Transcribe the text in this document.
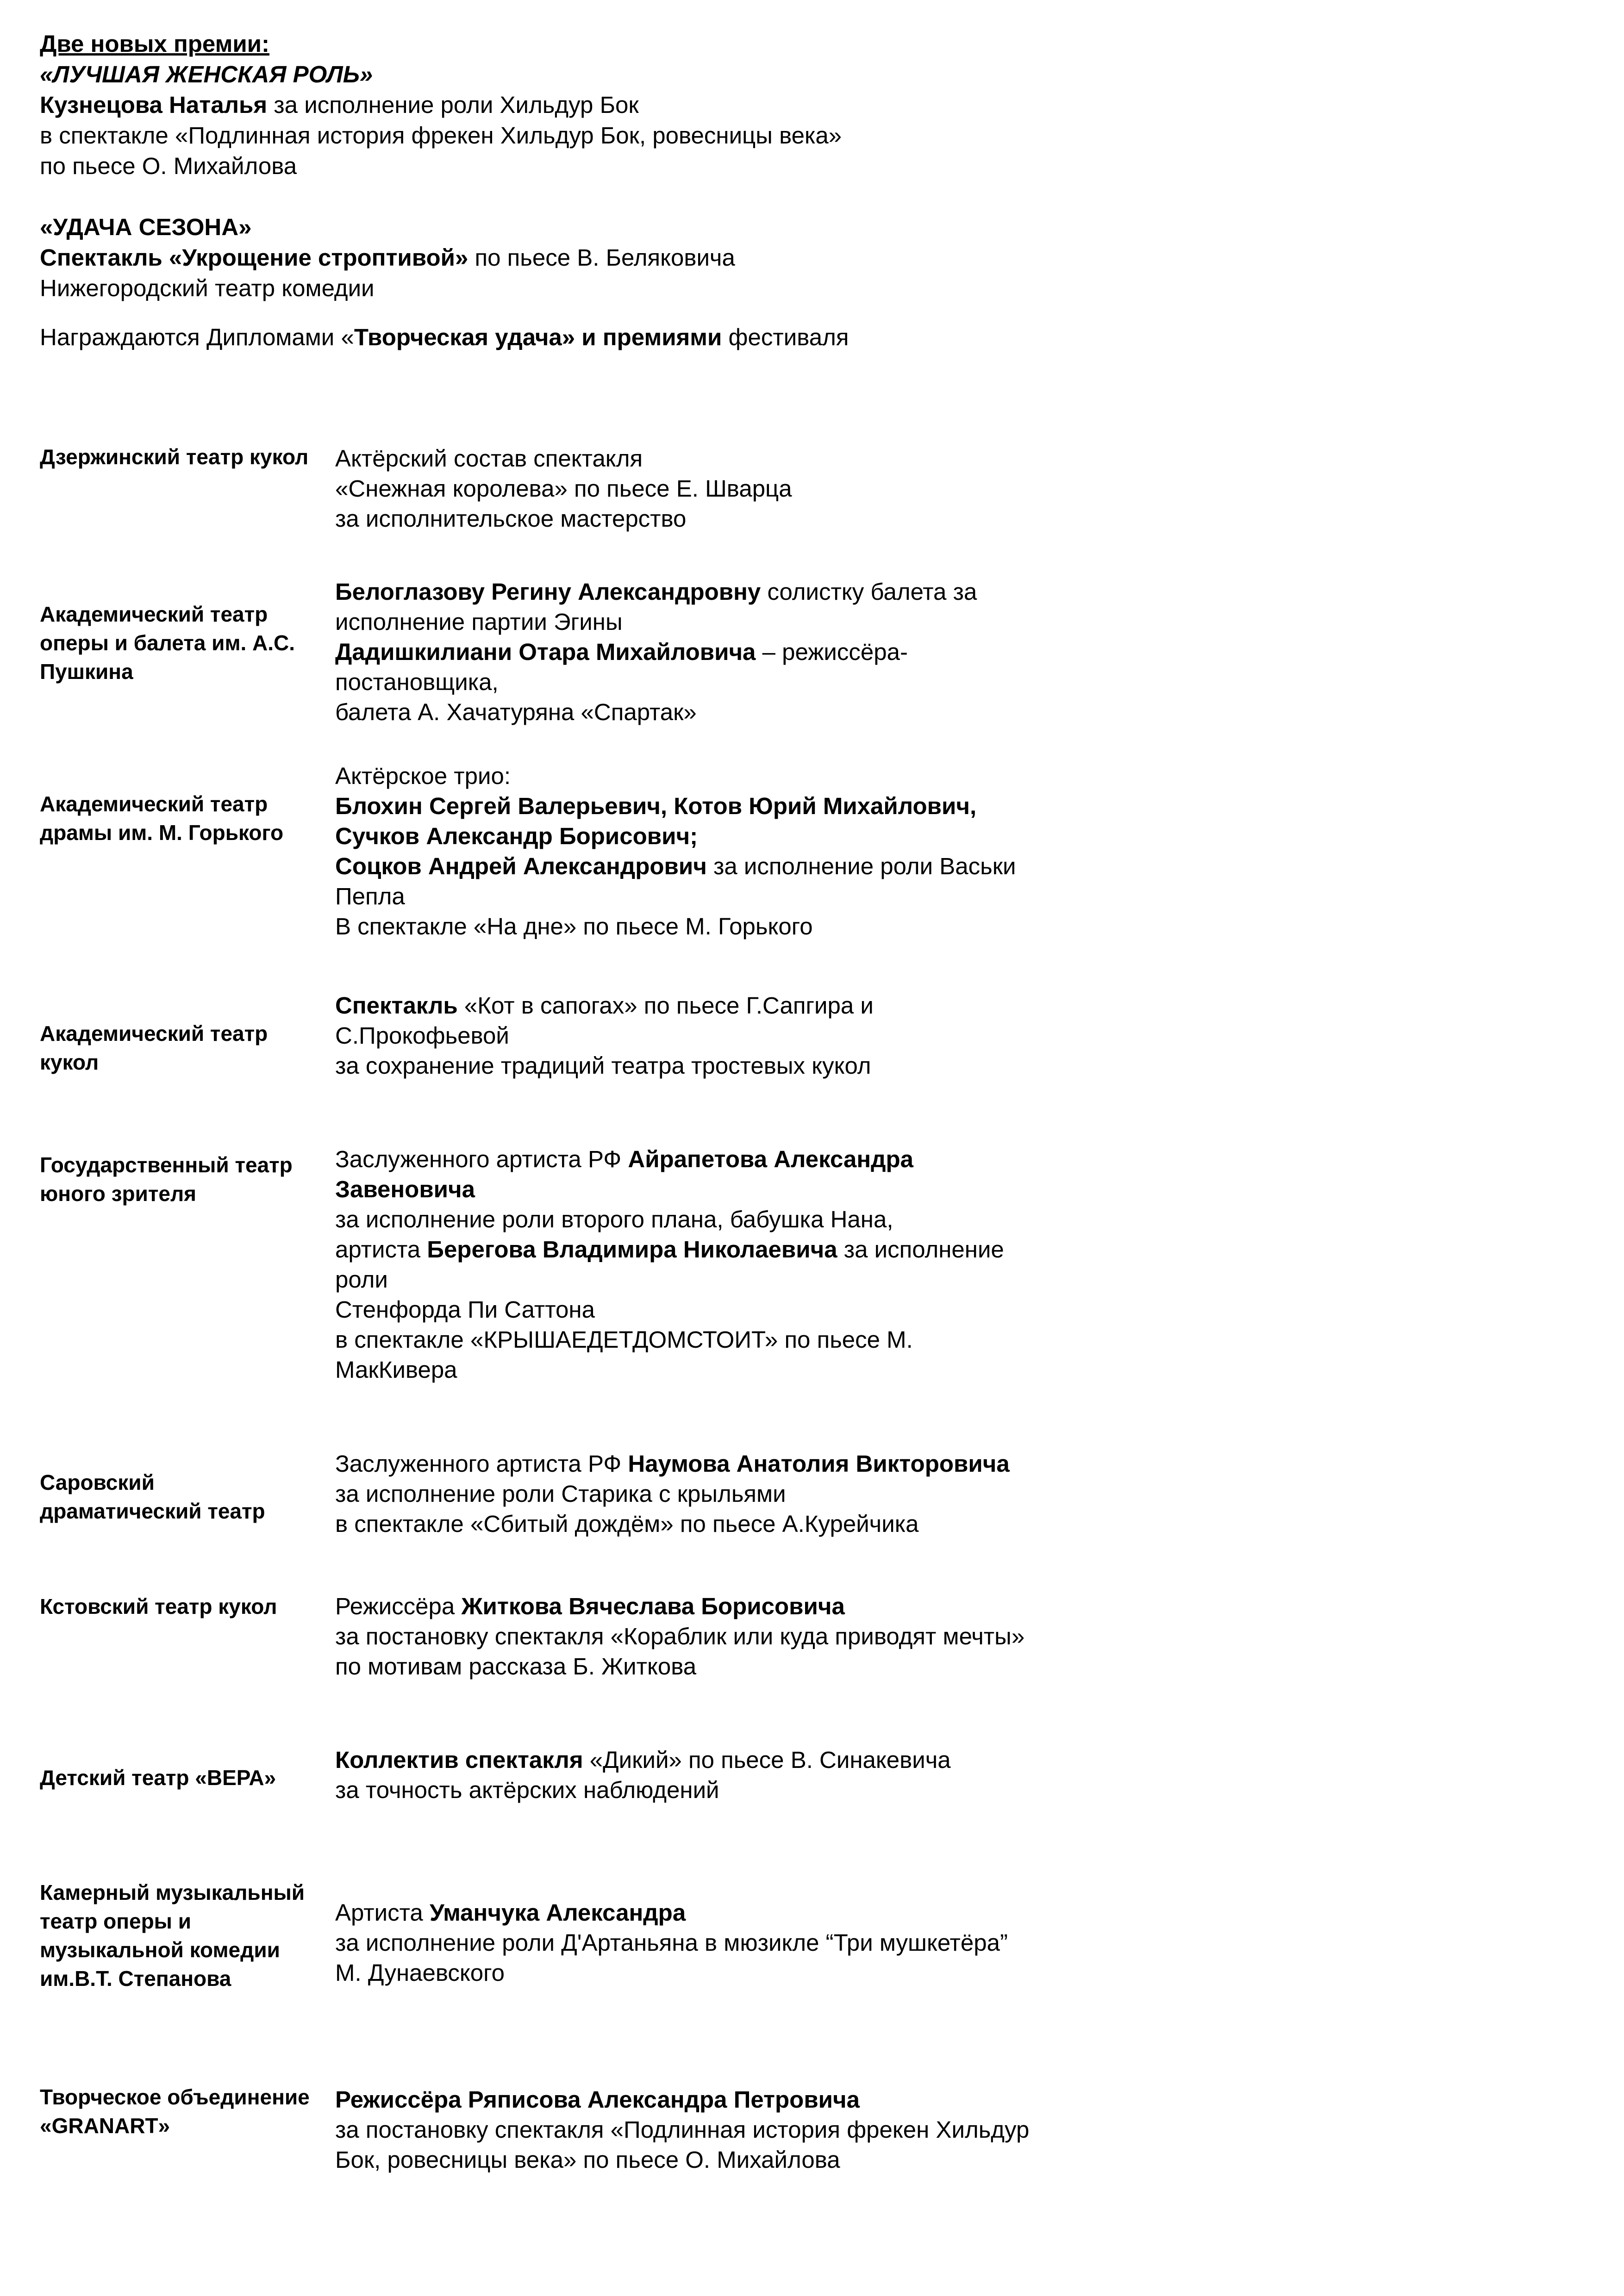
Две новых премии:
«ЛУЧШАЯ ЖЕНСКАЯ РОЛЬ»
Кузнецова Наталья за исполнение роли Хильдур Бок
в спектакле «Подлинная история фрекен Хильдур Бок, ровесницы века»
по пьесе О. Михайлова
«УДАЧА СЕЗОНА»
Спектакль «Укрощение строптивой» по пьесе В. Беляковича
Нижегородский театр комедии
Награждаются Дипломами «Творческая удача» и премиями фестиваля
Дзержинский театр кукол	Актёрский состав спектакля
«Снежная королева» по пьесе Е. Шварца
за исполнительское мастерство
Академический театр оперы и балета им. А.С. Пушкина
Белоглазову Регину Александровну солистку балета за
исполнение партии Эгины
Дадишкилиани Отара Михайловича – режиссёра-
постановщика,
балета А. Хачатуряна «Спартак»
Академический театр драмы им. М. Горького
Актёрское трио:
Блохин Сергей Валерьевич, Котов Юрий Михайлович,
Сучков Александр Борисович;
Соцков Андрей Александрович за исполнение роли Васьки
Пепла
В спектакле «На дне» по пьесе М. Горького
Академический театр кукол
Спектакль «Кот в сапогах» по пьесе Г.Сапгира и
С.Прокофьевой
за сохранение традиций театра тростевых кукол
Государственный театр юного зрителя
Заслуженного артиста РФ Айрапетова Александра
Завеновича
за исполнение роли второго плана, бабушка Нана,
артиста Берегова Владимира Николаевича за исполнение
роли
Стенфорда Пи Саттона
в спектакле «КРЫШАЕДЕТДОМСТОИТ» по пьесе М.
МакКивера
Саровский драматический театр
Заслуженного артиста РФ Наумова Анатолия Викторовича
за исполнение роли Старика с крыльями
в спектакле «Сбитый дождём» по пьесе А.Курейчика
Кстовский театр кукол	Режиссёра Житкова Вячеслава Борисовича
за постановку спектакля «Кораблик или куда приводят мечты»
по мотивам рассказа Б. Житкова
Детский театр «ВЕРА»
Коллектив спектакля «Дикий» по пьесе В. Синакевича
за точность актёрских наблюдений
Камерный музыкальный театр оперы и музыкальной комедии им.В.Т. Степанова
Артиста Уманчука Александра
за исполнение роли Д'Артаньяна в мюзикле “Три мушкетёра”
М. Дунаевского
Творческое объединение «GRANART»
Режиссёра Ряписова Александра Петровича
за постановку спектакля «Подлинная история фрекен Хильдур
Бок, ровесницы века» по пьесе О. Михайлова
